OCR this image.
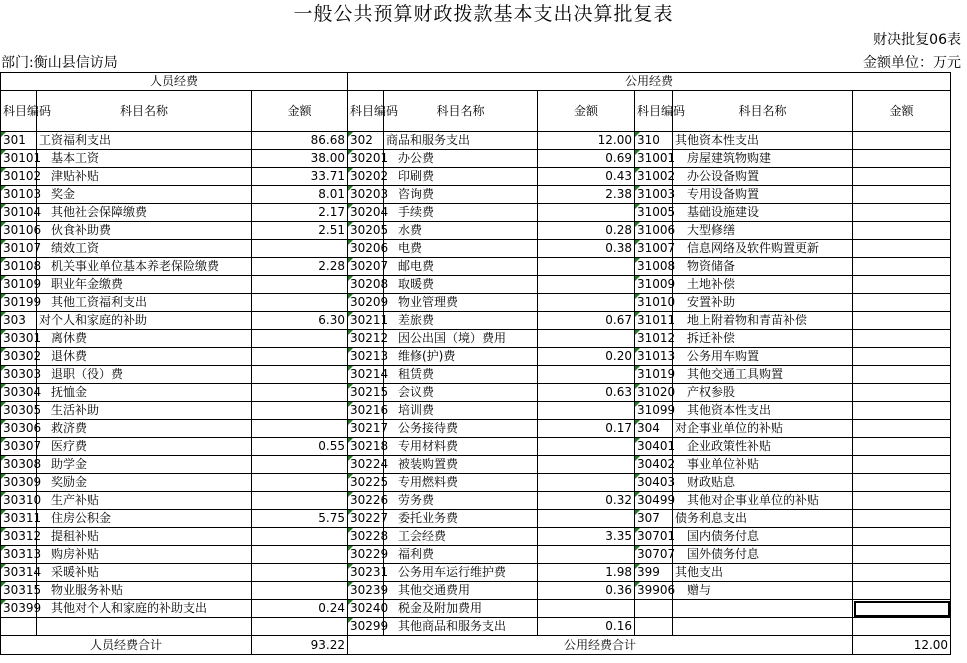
一般公共预算财政拨款基本支出决算批复表
财决批复06表
部门:衡山县信访局	金额单位：万元
人员经费			公用经费					
科目编码	科目名称	金额	科目编码	科目名称	金额	科目编码	科目名称	金额
301	工资福利支出	86.68	302	商品和服务支出	12.00	310	其他资本性支出	
30101	基本工资	38.00	30201	办公费	0.69	31001	房屋建筑物购建	
30102	津贴补贴	33.71	30202	印刷费	0.43	31002	办公设备购置	
30103	奖金	8.01	30203	咨询费	2.38	31003	专用设备购置	
30104	其他社会保障缴费	2.17	30204	手续费		31005	基础设施建设	
30106	伙食补助费	2.51	30205	水费	0.28	31006	大型修缮	
30107	绩效工资		30206	电费	0.38	31007	信息网络及软件购置更新	
30108	机关事业单位基本养老保险缴费	2.28	30207	邮电费		31008	物资储备	
30109	职业年金缴费		30208	取暖费		31009	土地补偿	
30199	其他工资福利支出		30209	物业管理费		31010	安置补助	
303	对个人和家庭的补助	6.30	30211	差旅费	0.67	31011	地上附着物和青苗补偿	
30301	离休费		30212	因公出国（境）费用		31012	拆迁补偿	
30302	退休费		30213	维修(护)费	0.20	31013	公务用车购置	
30303	退职（役）费		30214	租赁费		31019	其他交通工具购置	
30304	抚恤金		30215	会议费	0.63	31020	产权参股	
30305	生活补助		30216	培训费		31099	其他资本性支出	
30306	救济费		30217	公务接待费	0.17	304	对企事业单位的补贴	
30307	医疗费	0.55	30218	专用材料费		30401	企业政策性补贴	
30308	助学金		30224	被装购置费		30402	事业单位补贴	
30309	奖励金		30225	专用燃料费		30403	财政贴息	
30310	生产补贴		30226	劳务费	0.32	30499	其他对企事业单位的补贴	
30311	住房公积金	5.75	30227	委托业务费		307	债务利息支出	
30312	提租补贴		30228	工会经费	3.35	30701	国内债务付息	
30313	购房补贴		30229	福利费		30707	国外债务付息	
30314	采暖补贴		30231	公务用车运行维护费	1.98	399	其他支出	
30315	物业服务补贴		30239	其他交通费用	0.36	39906	赠与	
30399	其他对个人和家庭的补助支出	0.24	30240	税金及附加费用				
			30299	其他商品和服务支出	0.16			
人员经费合计		93.22	公用经费合计					12.00
